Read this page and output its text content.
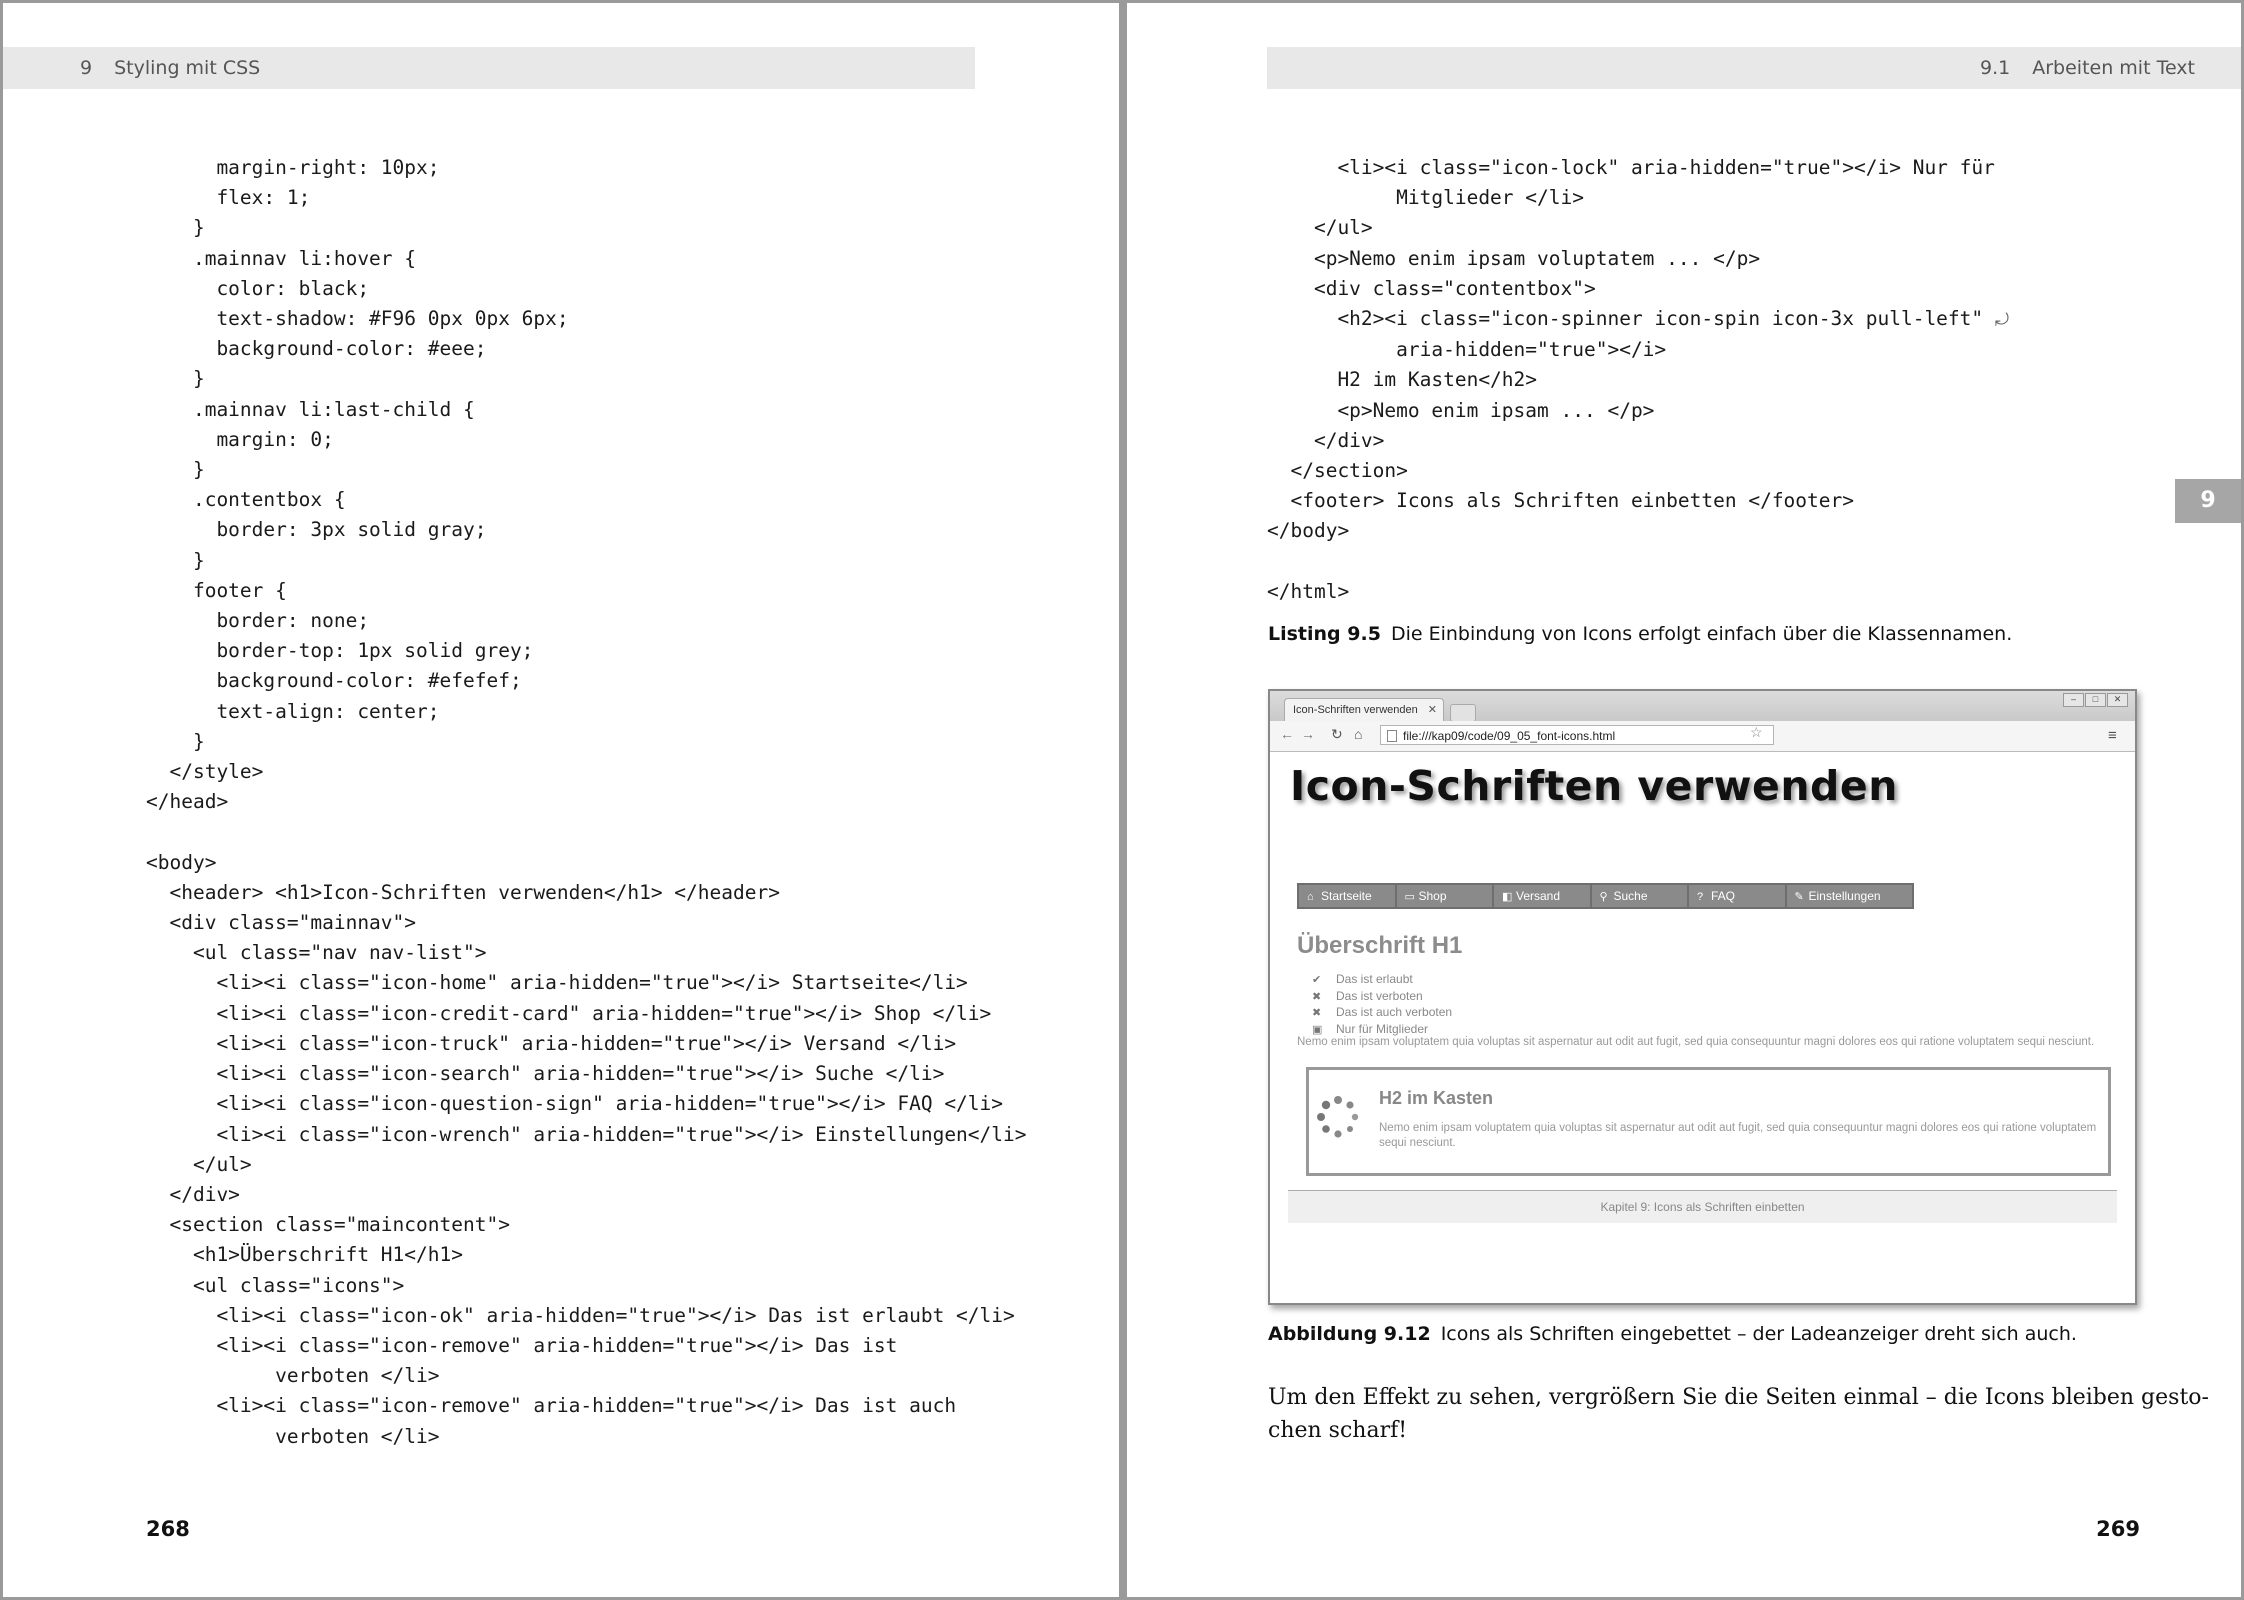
9 Styling mit CSS
margin-right: 10px;
flex: 1;
}
.mainnav li:hover {
color: black;
text-shadow: #F96 0px 0px 6px;
background-color: #eee;
}
.mainnav li:last-child {
margin: 0;
}
.contentbox {
border: 3px solid gray;
}
footer {
border: none;
border-top: 1px solid grey;
background-color: #efefef;
text-align: center;
}
</style>
</head>

<body>
<header> <h1>Icon-Schriften verwenden</h1> </header>
<div class="mainnav">
<ul class="nav nav-list">
<li><i class="icon-home" aria-hidden="true"></i> Startseite</li>
<li><i class="icon-credit-card" aria-hidden="true"></i> Shop </li>
<li><i class="icon-truck" aria-hidden="true"></i> Versand </li>
<li><i class="icon-search" aria-hidden="true"></i> Suche </li>
<li><i class="icon-question-sign" aria-hidden="true"></i> FAQ </li>
<li><i class="icon-wrench" aria-hidden="true"></i> Einstellungen</li>
</ul>
</div>
<section class="maincontent">
<h1>Überschrift H1</h1>
<ul class="icons">
<li><i class="icon-ok" aria-hidden="true"></i> Das ist erlaubt </li>
<li><i class="icon-remove" aria-hidden="true"></i> Das ist
verboten </li>
<li><i class="icon-remove" aria-hidden="true"></i> Das ist auch
verboten </li>
268
9.1 Arbeiten mit Text
<li><i class="icon-lock" aria-hidden="true"></i> Nur für
Mitglieder </li>
</ul>
<p>Nemo enim ipsam voluptatem ... </p>
<div class="contentbox">
<h2><i class="icon-spinner icon-spin icon-3x pull-left" ⤾
aria-hidden="true"></i>
H2 im Kasten</h2>
<p>Nemo enim ipsam ... </p>
</div>
</section>
<footer> Icons als Schriften einbetten </footer>
</body>

</html>
9
Listing 9.5 Die Einbindung von Icons erfolgt einfach über die Klassennamen.
Icon-Schriften verwenden ✕
–	□	✕
← → ↻ ⌂	file:///kap09/code/09_05_font-icons.html	☆	≡
Icon-Schriften verwenden
⌂ Startseite	▭ Shop	◧ Versand	⚲ Suche	? FAQ	✎ Einstellungen
Überschrift H1
✔ Das ist erlaubt
✖ Das ist verboten
✖ Das ist auch verboten
▣ Nur für Mitglieder

Nemo enim ipsam voluptatem quia voluptas sit aspernatur aut odit aut fugit, sed quia consequuntur magni dolores eos qui ratione voluptatem sequi nesciunt.

H2 im Kasten

Nemo enim ipsam voluptatem quia voluptas sit aspernatur aut odit aut fugit, sed quia consequuntur magni dolores eos qui ratione voluptatem sequi nesciunt.

Kapitel 9: Icons als Schriften einbetten
Abbildung 9.12 Icons als Schriften eingebettet – der Ladeanzeiger dreht sich auch.
Um den Effekt zu sehen, vergrößern Sie die Seiten einmal – die Icons bleiben gesto-
chen scharf!
269
